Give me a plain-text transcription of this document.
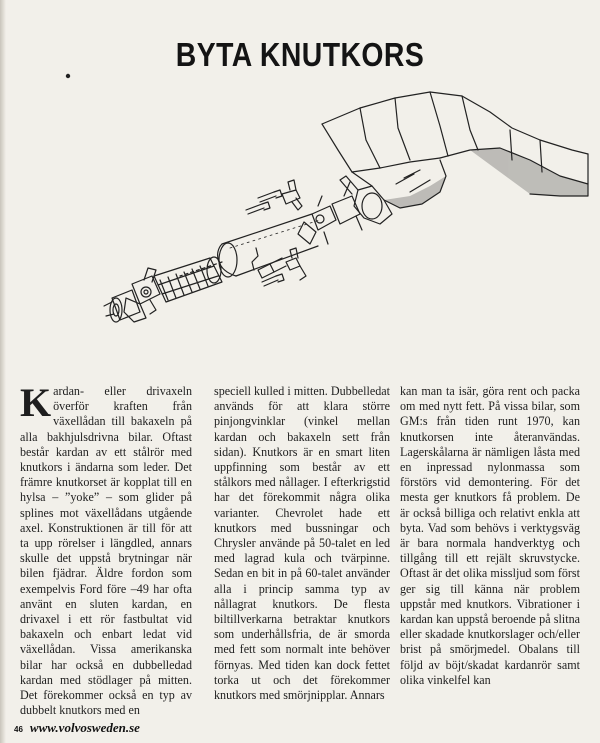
BYTA KNUTKORS

Kardan- eller drivaxeln överför kraften från växellådan till bakaxeln på alla bakhjulsdrivna bilar. Oftast består kardan av ett stålrör med knutkors i ändarna som leder. Det främre knutkorset är kopplat till en hylsa – ”yoke” – som glider på splines mot växellådans utgående axel. Konstruktionen är till för att ta upp rörelser i längdled, annars skulle det uppstå brytningar när bilen fjädrar. Äldre fordon som exempelvis Ford före –49 har ofta använt en sluten kardan, en drivaxel i ett rör fastbultat vid bakaxeln och enbart ledat vid växellådan. Vissa amerikanska bilar har också en dubbelledad kardan med stödlager på mitten. Det förekommer också en typ av dubbelt knutkors med en

speciell kulled i mitten. Dubbelledat används för att klara större pinjongvinklar (vinkel mellan kardan och bakaxeln sett från sidan). Knutkors är en smart liten uppfinning som består av ett stålkors med nållager. I efterkrigstid har det förekommit några olika varianter. Chevrolet hade ett knutkors med bussningar och Chrysler använde på 50-talet en led med lagrad kula och tvärpinne. Sedan en bit in på 60-talet använder alla i princip samma typ av nållagrat knutkors. De flesta biltillverkarna betraktar knutkors som underhållsfria, de är smorda med fett som normalt inte behöver förnyas. Med tiden kan dock fettet torka ut och det förekommer knutkors med smörjnipplar. Annars

kan man ta isär, göra rent och packa om med nytt fett. På vissa bilar, som GM:s från tiden runt 1970, kan knutkorsen inte återanvändas. Lagerskålarna är nämligen låsta med en inpressad nylonmassa som förstörs vid demontering. För det mesta ger knutkors få problem. De är också billiga och relativt enkla att byta. Vad som behövs i verktygsväg är bara normala handverktyg och tillgång till ett rejält skruvstycke. Oftast är det olika missljud som först ger sig till känna när problem uppstår med knutkors. Vibrationer i kardan kan uppstå beroende på slitna eller skadade knutkorslager och/eller brist på smörjmedel. Obalans till följd av böjt/skadat kardanrör samt olika vinkelfel kan

46 www.volvosweden.se
